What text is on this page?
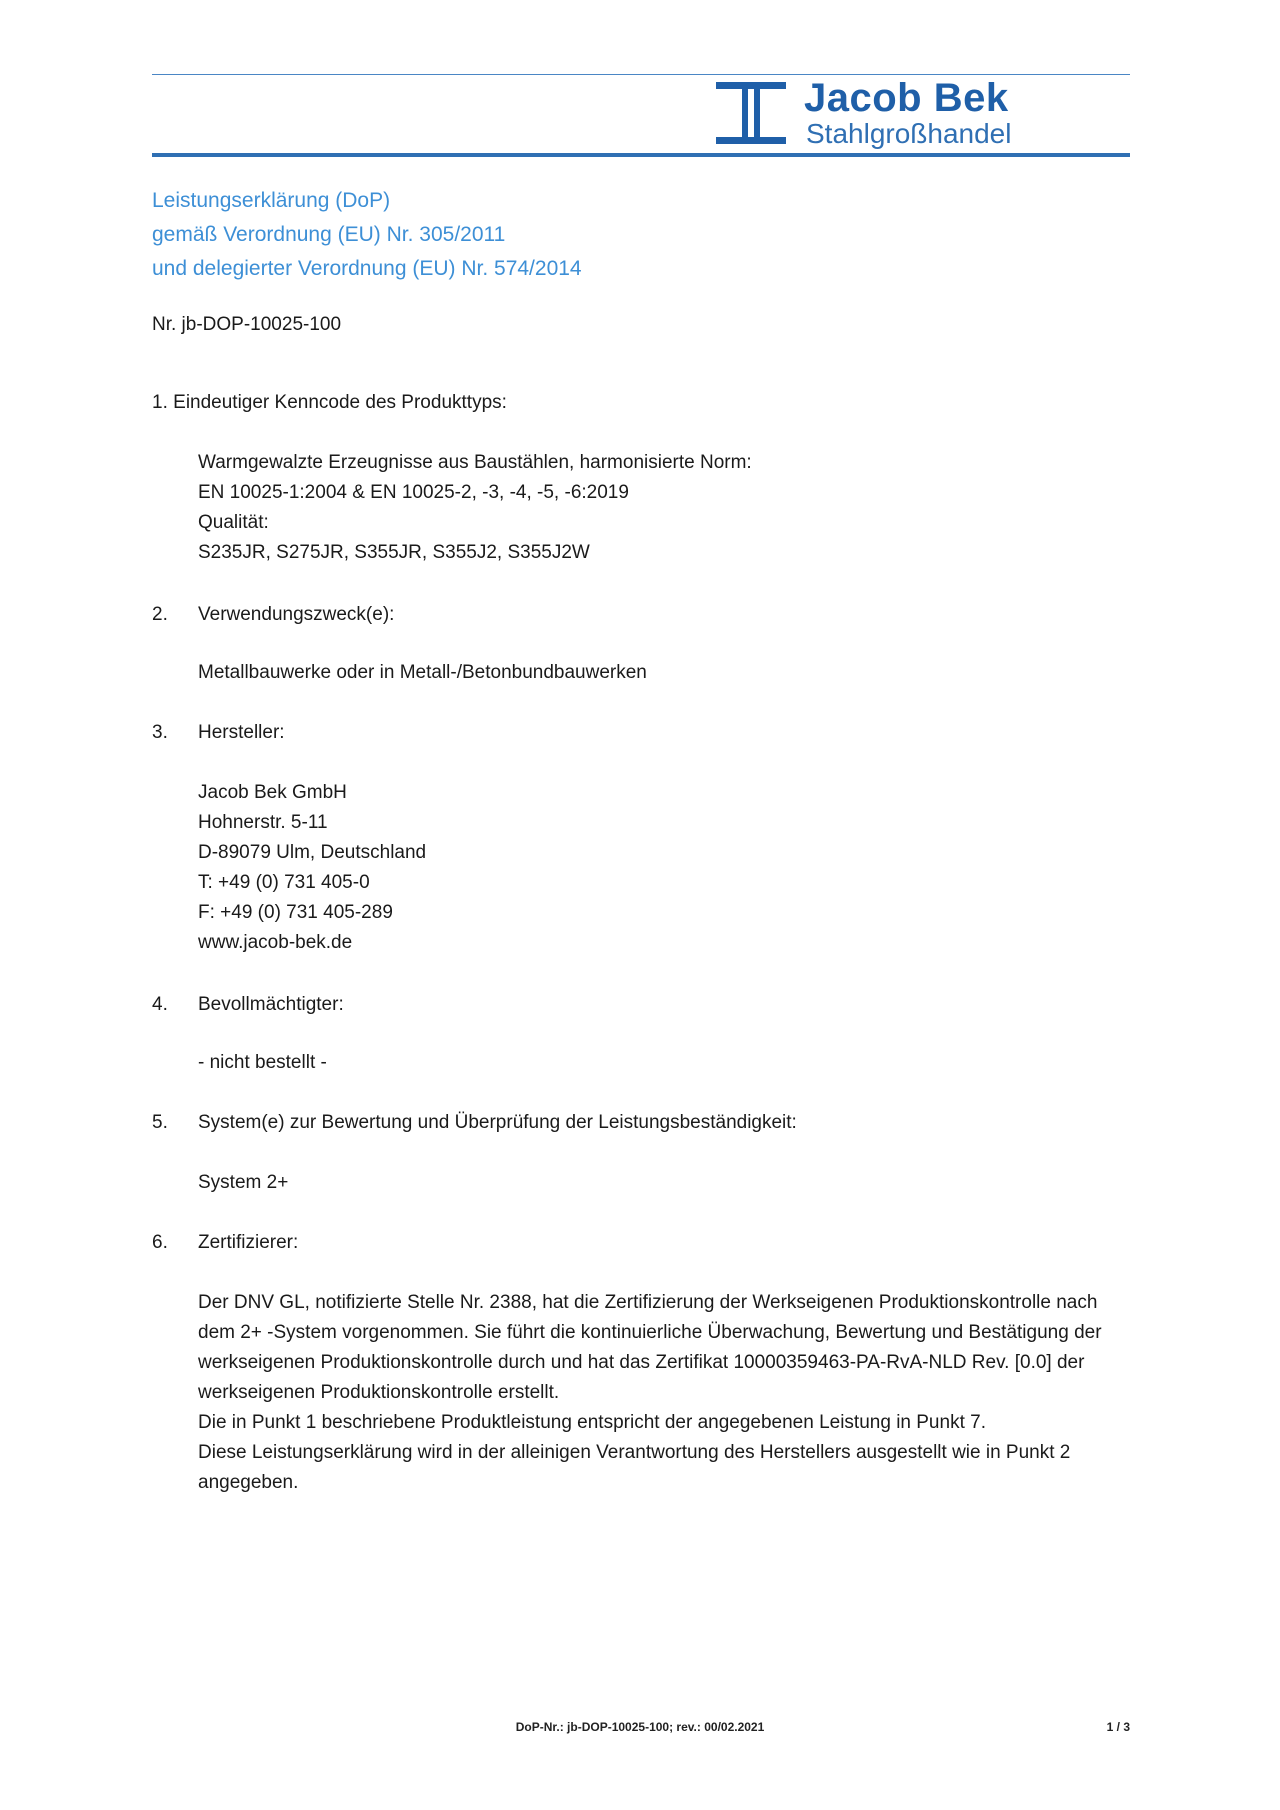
Jacob Bek
Stahlgroßhandel
Leistungserklärung (DoP)
gemäß Verordnung (EU) Nr. 305/2011
und delegierter Verordnung (EU) Nr. 574/2014
Nr. jb-DOP-10025-100
1. Eindeutiger Kenncode des Produkttyps:
Warmgewalzte Erzeugnisse aus Baustählen, harmonisierte Norm:
EN 10025-1:2004 & EN 10025-2, -3, -4, -5, -6:2019
Qualität:
S235JR, S275JR, S355JR, S355J2, S355J2W
2. Verwendungszweck(e):
Metallbauwerke oder in Metall-/Betonbundbauwerken
3. Hersteller:
Jacob Bek GmbH
Hohnerstr. 5-11
D-89079 Ulm, Deutschland
T: +49 (0) 731 405-0
F: +49 (0) 731 405-289
www.jacob-bek.de
4. Bevollmächtigter:
- nicht bestellt -
5. System(e) zur Bewertung und Überprüfung der Leistungsbeständigkeit:
System 2+
6. Zertifizierer:
Der DNV GL, notifizierte Stelle Nr. 2388, hat die Zertifizierung der Werkseigenen Produktionskontrolle nach dem 2+ -System vorgenommen. Sie führt die kontinuierliche Überwachung, Bewertung und Bestätigung der werkseigenen Produktionskontrolle durch und hat das Zertifikat 10000359463-PA-RvA-NLD Rev. [0.0] der werkseigenen Produktionskontrolle erstellt.
Die in Punkt 1 beschriebene Produktleistung entspricht der angegebenen Leistung in Punkt 7.
Diese Leistungserklärung wird in der alleinigen Verantwortung des Herstellers ausgestellt wie in Punkt 2 angegeben.
DoP-Nr.: jb-DOP-10025-100; rev.: 00/02.2021	1 / 3
